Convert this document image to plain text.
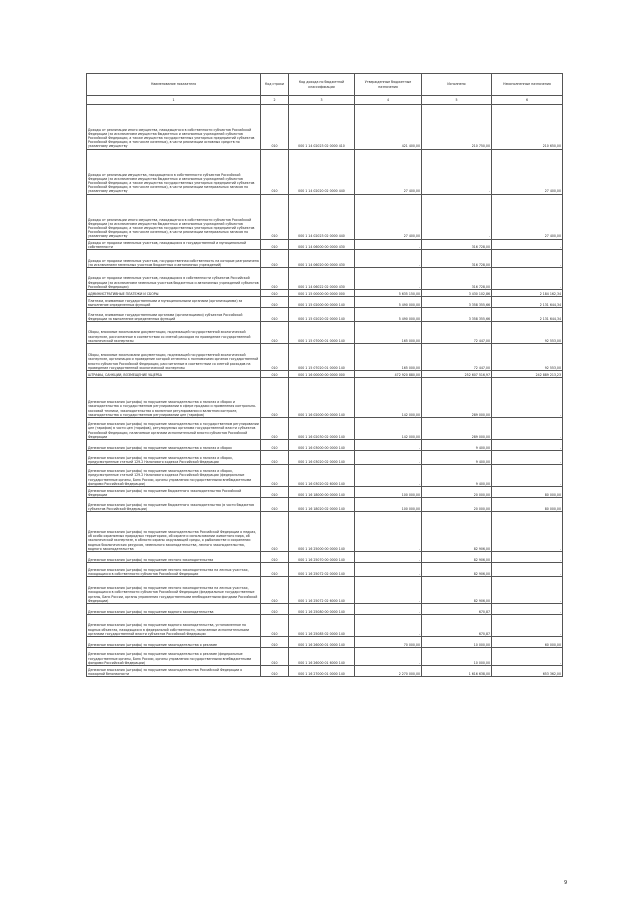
Наименование показателя	Код строки	Код дохода по бюджетной классификации	Утвержденные бюджетные назначения	Исполнено	Неисполненные назначения
1	2	3	4	5	6
Доходы от реализации иного имущества, находящегося в собственности субъектов Российской Федерации (за исключением имущества бюджетных и автономных учреждений субъектов Российской Федерации, а также имущества государственных унитарных предприятий субъектов Российской Федерации, в том числе казенных), в части реализации основных средств по указанному имуществу	010	000 1 14 02023 02 0000 410	421 400,00	210 750,00	210 650,00
Доходы от реализации имущества, находящегося в собственности субъектов Российской Федерации (за исключением имущества бюджетных и автономных учреждений субъектов Российской Федерации, а также имущества государственных унитарных предприятий субъектов Российской Федерации, в том числе казенных), в части реализации материальных запасов по указанному имуществу	010	000 1 14 02020 02 0000 440	27 400,00	-	27 400,00
Доходы от реализации иного имущества, находящегося в собственности субъектов Российской Федерации (за исключением имущества бюджетных и автономных учреждений субъектов Российской Федерации, а также имущества государственных унитарных предприятий субъектов Российской Федерации, в том числе казенных), в части реализации материальных запасов по указанному имуществу	010	000 1 14 02023 02 0000 440	27 400,00	-	27 400,00
Доходы от продажи земельных участков, находящихся в государственной и муниципальной собственности	010	000 1 14 06000 00 0000 430	-	316 728,00	-
Доходы от продажи земельных участков, государственная собственность на которые разграничена (за исключением земельных участков бюджетных и автономных учреждений)	010	000 1 14 06020 00 0000 430	-	316 728,00	-
Доходы от продажи земельных участков, находящихся в собственности субъектов Российской Федерации (за исключением земельных участков бюджетных и автономных учреждений субъектов Российской Федерации)	010	000 1 14 06022 02 0000 430	-	316 728,00	-
АДМИНИСТРАТИВНЫЕ ПЛАТЕЖИ И СБОРЫ	010	000 1 15 00000 00 0000 000	5 635 150,00	3 430 102,86	2 184 162,34
Платежи, взимаемые государственными и муниципальными органами (организациями) за выполнение определенных функций	010	000 1 15 02000 00 0000 140	5 490 000,00	3 358 355,66	2 131 644,34
Платежи, взимаемые государственными органами (организациями) субъектов Российской Федерации за выполнение определенных функций	010	000 1 15 02020 02 0000 140	5 490 000,00	3 358 355,66	2 131 644,34
Сборы, вносимые заказчиками документации, подлежащей государственной экологической экспертизе, рассчитанные в соответствии со сметой расходов на проведение государственной экологической экспертизы	010	000 1 15 07000 01 0000 140	165 000,00	72 447,00	92 553,00
Сборы, вносимые заказчиками документации, подлежащей государственной экологической экспертизе, организация и проведение которой отнесены к полномочиям органов государственной власти субъектов Российской Федерации, рассчитанные в соответствии со сметой расходов на проведение государственной экологической экспертизы	010	000 1 15 07020 01 0000 140	165 000,00	72 447,00	92 553,00
ШТРАФЫ, САНКЦИИ, ВОЗМЕЩЕНИЕ УЩЕРБА	010	000 1 16 00000 00 0000 000	472 920 880,00	252 607 516,97	242 889 213,23
Денежные взыскания (штрафы) за нарушение законодательства о налогах и сборах и законодательства о государственном регулировании в сфере продажи и применения контрольно-кассовой техники, законодательства о валютном регулировании и валютном контроле, законодательства о государственном регулировании цен (тарифов)	010	000 1 16 02000 00 0000 140	142 000,00	289 000,00	-
Денежные взыскания (штрафы) за нарушение законодательства о государственном регулировании цен (тарифов) в части цен (тарифов), регулируемых органами государственной власти субъектов Российской Федерации, налагаемые органами исполнительной власти субъектов Российской Федерации	010	000 1 16 02030 02 0000 140	142 000,00	289 000,00	-
Денежные взыскания (штрафы) за нарушение законодательства о налогах и сборах	010	000 1 16 03000 00 0000 140	-	9 400,00	-
Денежные взыскания (штрафы) за нарушение законодательства о налогах и сборах, предусмотренные статьей 129.2 Налогового кодекса Российской Федерации	010	000 1 16 03020 02 0000 140	-	9 400,00	-
Денежные взыскания (штрафы) за нарушение законодательства о налогах и сборах, предусмотренные статьей 129.2 Налогового кодекса Российской Федерации (федеральные государственные органы, Банк России, органы управления государственными внебюджетными фондами Российской Федерации)	010	000 1 16 03020 02 6000 140	-	9 400,00	-
Денежные взыскания (штрафы) за нарушение бюджетного законодательства Российской Федерации	010	000 1 16 18000 00 0000 140	100 000,00	20 000,00	80 000,00
Денежные взыскания (штрафы) за нарушение бюджетного законодательства (в части бюджетов субъектов Российской Федерации)	010	000 1 16 18020 02 0000 140	100 000,00	20 000,00	80 000,00
Денежные взыскания (штрафы) за нарушение законодательства Российской Федерации о недрах, об особо охраняемых природных территориях, об охране и использовании животного мира, об экологической экспертизе, в области охраны окружающей среды, о рыболовстве и сохранении водных биологических ресурсов, земельного законодательства, лесного законодательства, водного законодательства	010	000 1 16 25000 00 0000 140	-	82 906,00	-
Денежные взыскания (штрафы) за нарушение лесного законодательства	010	000 1 16 25070 00 0000 140	-	82 906,00	-
Денежные взыскания (штрафы) за нарушение лесного законодательства на лесных участках, находящихся в собственности субъектов Российской Федерации	010	000 1 16 25072 02 0000 140	-	82 906,00	-
Денежные взыскания (штрафы) за нарушение лесного законодательства на лесных участках, находящихся в собственности субъектов Российской Федерации (федеральные государственные органы, Банк России, органы управления государственными внебюджетными фондами Российской Федерации)	010	000 1 16 25072 02 6000 140	-	82 906,00	-
Денежные взыскания (штрафы) за нарушение водного законодательства	010	000 1 16 25080 00 0000 140	-	670,87	-
Денежные взыскания (штрафы) за нарушение водного законодательства, установленное на водных объектах, находящихся в федеральной собственности, налагаемые исполнительными органами государственной власти субъектов Российской Федерации	010	000 1 16 25085 02 0000 140	-	670,87	-
Денежные взыскания (штрафы) за нарушение законодательства о рекламе	010	000 1 16 26000 01 0000 140	70 000,00	10 000,00	60 000,00
Денежные взыскания (штрафы) за нарушение законодательства о рекламе (федеральные государственные органы, Банк России, органы управления государственными внебюджетными фондами Российской Федерации)	010	000 1 16 26000 01 6000 140	-	10 000,00	-
Денежные взыскания (штрафы) за нарушение законодательства Российской Федерации о пожарной безопасности	010	000 1 16 27000 01 0000 140	2 270 000,00	1 616 638,00	653 362,00
9
